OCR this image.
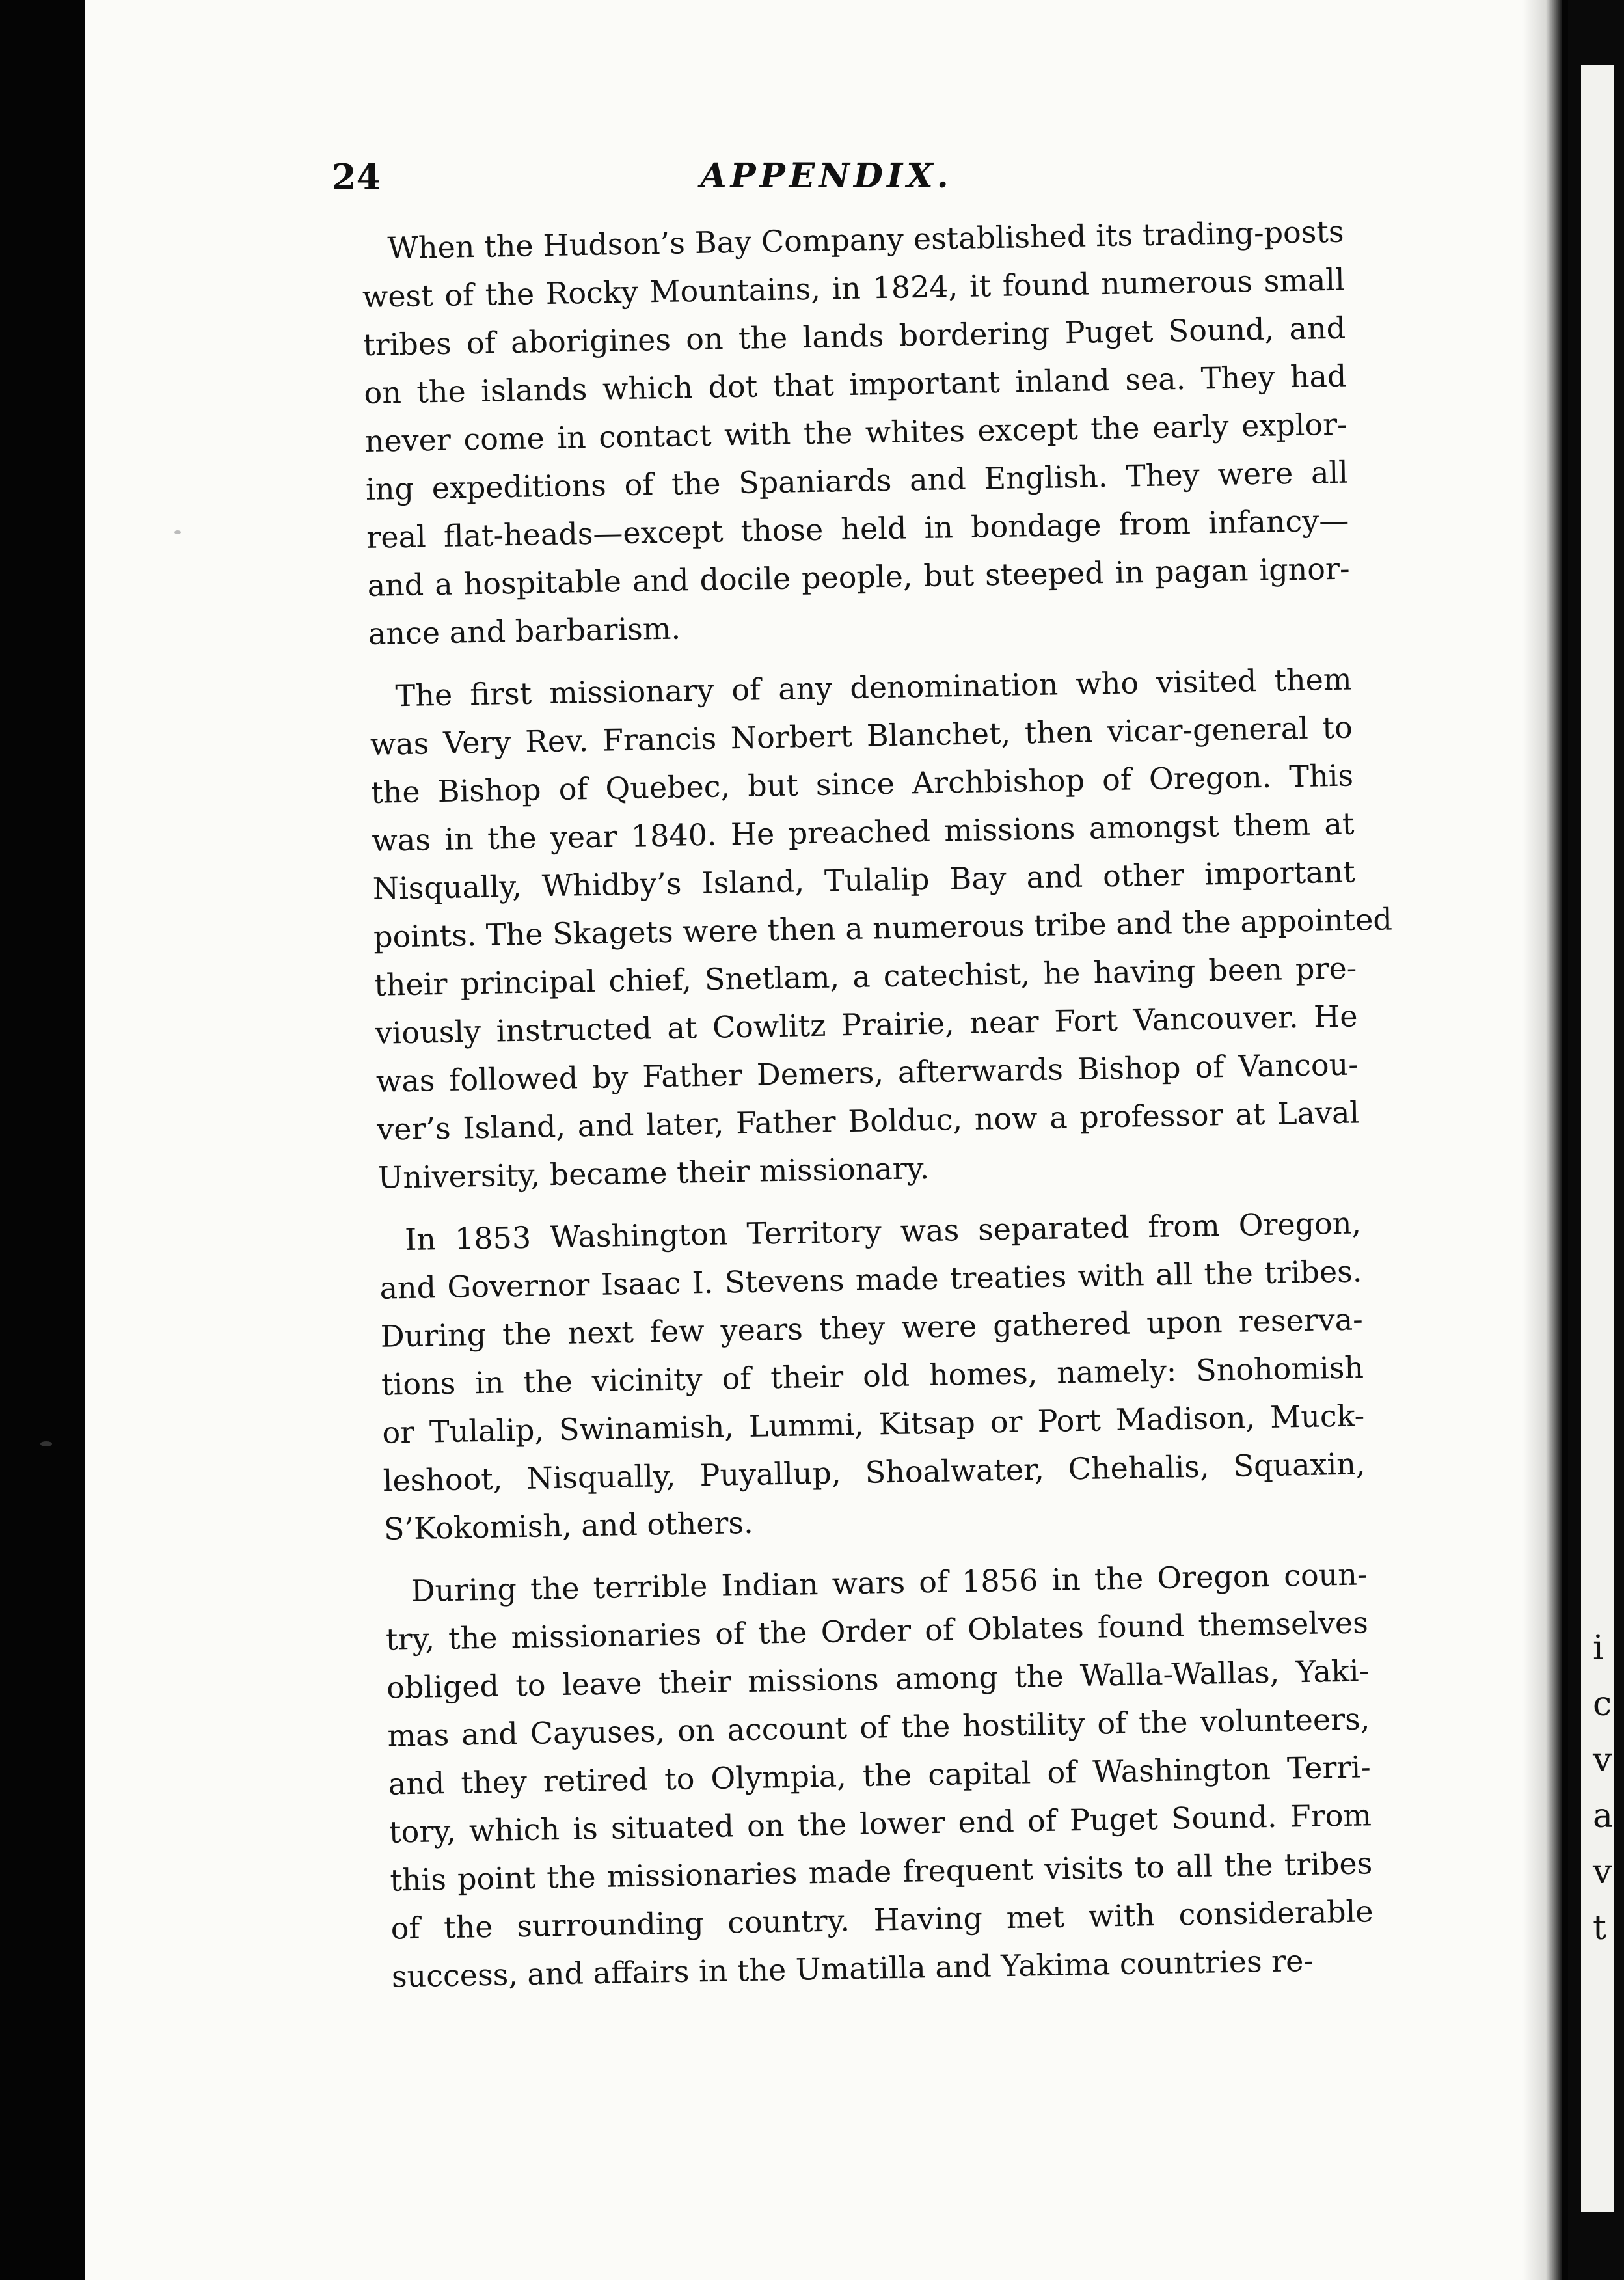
i
c
v
a
v
t
24	APPENDIX.

When the Hudson’s Bay Company established its trading-posts
west of the Rocky Mountains, in 1824, it found numerous small
tribes of aborigines on the lands bordering Puget Sound, and
on the islands which dot that important inland sea. They had
never come in contact with the whites except the early explor-
ing expeditions of the Spaniards and English. They were all
real flat-heads—except those held in bondage from infancy—
and a hospitable and docile people, but steeped in pagan ignor-
ance and barbarism.

The first missionary of any denomination who visited them
was Very Rev. Francis Norbert Blanchet, then vicar-general to
the Bishop of Quebec, but since Archbishop of Oregon. This
was in the year 1840. He preached missions amongst them at
Nisqually, Whidby’s Island, Tulalip Bay and other important
points. The Skagets were then a numerous tribe and the appointed
their principal chief, Snetlam, a catechist, he having been pre-
viously instructed at Cowlitz Prairie, near Fort Vancouver. He
was followed by Father Demers, afterwards Bishop of Vancou-
ver’s Island, and later, Father Bolduc, now a professor at Laval
University, became their missionary.

In 1853 Washington Territory was separated from Oregon,
and Governor Isaac I. Stevens made treaties with all the tribes.
During the next few years they were gathered upon reserva-
tions in the vicinity of their old homes, namely: Snohomish
or Tulalip, Swinamish, Lummi, Kitsap or Port Madison, Muck-
leshoot, Nisqually, Puyallup, Shoalwater, Chehalis, Squaxin,
S’Kokomish, and others.

During the terrible Indian wars of 1856 in the Oregon coun-
try, the missionaries of the Order of Oblates found themselves
obliged to leave their missions among the Walla-Wallas, Yaki-
mas and Cayuses, on account of the hostility of the volunteers,
and they retired to Olympia, the capital of Washington Terri-
tory, which is situated on the lower end of Puget Sound. From
this point the missionaries made frequent visits to all the tribes
of the surrounding country. Having met with considerable
success, and affairs in the Umatilla and Yakima countries re-
